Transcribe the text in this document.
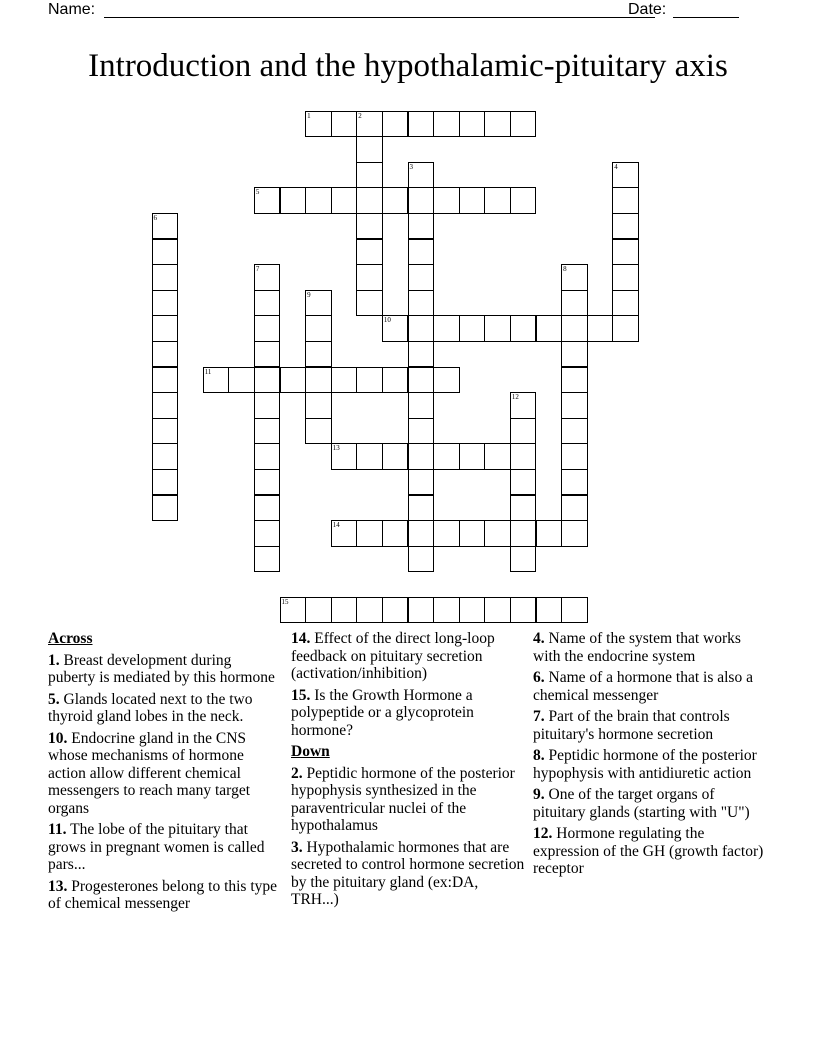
Name:	Date:
Introduction and the hypothalamic-pituitary axis
1	2
3	4
5
6
7	8
9
10
11
12
13
14
15
Across
1. Breast development during puberty is mediated by this hormone
5. Glands located next to the two thyroid gland lobes in the neck.
10. Endocrine gland in the CNS whose mechanisms of hormone action allow different chemical messengers to reach many target organs
11. The lobe of the pituitary that grows in pregnant women is called pars...
13. Progesterones belong to this type of chemical messenger
14. Effect of the direct long-loop feedback on pituitary secretion (activation/inhibition)
15. Is the Growth Hormone a polypeptide or a glycoprotein hormone?
Down
2. Peptidic hormone of the posterior hypophysis synthesized in the paraventricular nuclei of the hypothalamus
3. Hypothalamic hormones that are secreted to control hormone secretion by the pituitary gland (ex:DA, TRH...)
4. Name of the system that works with the endocrine system
6. Name of a hormone that is also a chemical messenger
7. Part of the brain that controls pituitary's hormone secretion
8. Peptidic hormone of the posterior hypophysis with antidiuretic action
9. One of the target organs of pituitary glands (starting with "U")
12. Hormone regulating the expression of the GH (growth factor) receptor
